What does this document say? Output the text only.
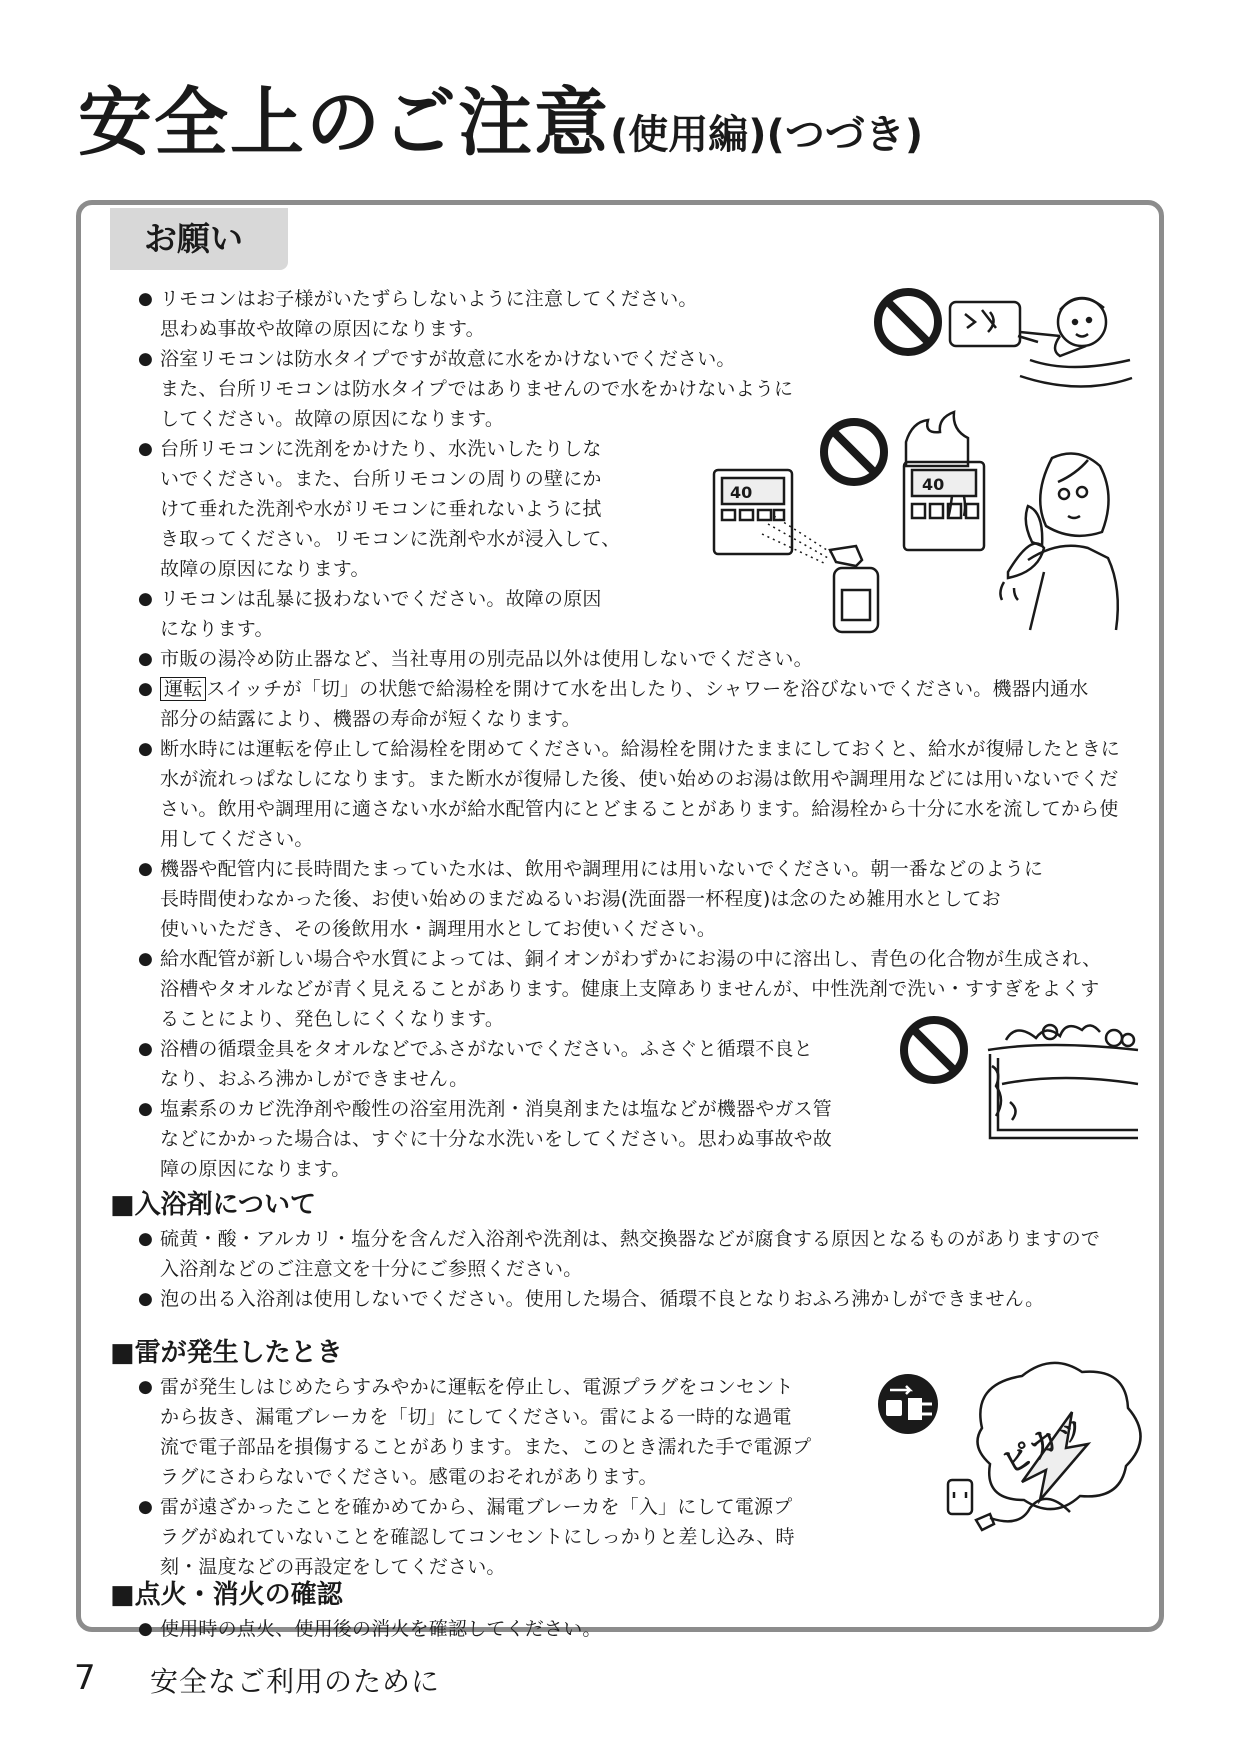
安全上のご注意(使用編)(つづき)
お願い

● リモコンはお子様がいたずらしないように注意してください。
思わぬ事故や故障の原因になります。

● 浴室リモコンは防水タイプですが故意に水をかけないでください。
また、台所リモコンは防水タイプではありませんので水をかけないように
してください。故障の原因になります。

● 台所リモコンに洗剤をかけたり、水洗いしたりしな
いでください。また、台所リモコンの周りの壁にか
けて垂れた洗剤や水がリモコンに垂れないように拭
き取ってください。リモコンに洗剤や水が浸入して、
故障の原因になります。

● リモコンは乱暴に扱わないでください。故障の原因
になります。

● 市販の湯冷め防止器など、当社専用の別売品以外は使用しないでください。

● 運転 スイッチが「切」の状態で給湯栓を開けて水を出したり、シャワーを浴びないでください。機器内通水
部分の結露により、機器の寿命が短くなります。

● 断水時には運転を停止して給湯栓を閉めてください。給湯栓を開けたままにしておくと、給水が復帰したときに
水が流れっぱなしになります。また断水が復帰した後、使い始めのお湯は飲用や調理用などには用いないでくだ
さい。飲用や調理用に適さない水が給水配管内にとどまることがあります。給湯栓から十分に水を流してから使
用してください。

● 機器や配管内に長時間たまっていた水は、飲用や調理用には用いないでください。朝一番などのように
長時間使わなかった後、お使い始めのまだぬるいお湯(洗面器一杯程度)は念のため雑用水としてお
使いいただき、その後飲用水・調理用水としてお使いください。

● 給水配管が新しい場合や水質によっては、銅イオンがわずかにお湯の中に溶出し、青色の化合物が生成され、
浴槽やタオルなどが青く見えることがあります。健康上支障ありませんが、中性洗剤で洗い・すすぎをよくす
ることにより、発色しにくくなります。

● 浴槽の循環金具をタオルなどでふさがないでください。ふさぐと循環不良と
なり、おふろ沸かしができません。

● 塩素系のカビ洗浄剤や酸性の浴室用洗剤・消臭剤または塩などが機器やガス管
などにかかった場合は、すぐに十分な水洗いをしてください。思わぬ事故や故
障の原因になります。

■入浴剤について

● 硫黄・酸・アルカリ・塩分を含んだ入浴剤や洗剤は、熱交換器などが腐食する原因となるものがありますので
入浴剤などのご注意文を十分にご参照ください。

● 泡の出る入浴剤は使用しないでください。使用した場合、循環不良となりおふろ沸かしができません。

■雷が発生したとき

● 雷が発生しはじめたらすみやかに運転を停止し、電源プラグをコンセント
から抜き、漏電ブレーカを「切」にしてください。雷による一時的な過電
流で電子部品を損傷することがあります。また、このとき濡れた手で電源プ
ラグにさわらないでください。感電のおそれがあります。

● 雷が遠ざかったことを確かめてから、漏電ブレーカを「入」にして電源プ
ラグがぬれていないことを確認してコンセントにしっかりと差し込み、時
刻・温度などの再設定をしてください。

■点火・消火の確認

● 使用時の点火、使用後の消火を確認してください。

40	40
ピカッ
7 安全なご利用のために
